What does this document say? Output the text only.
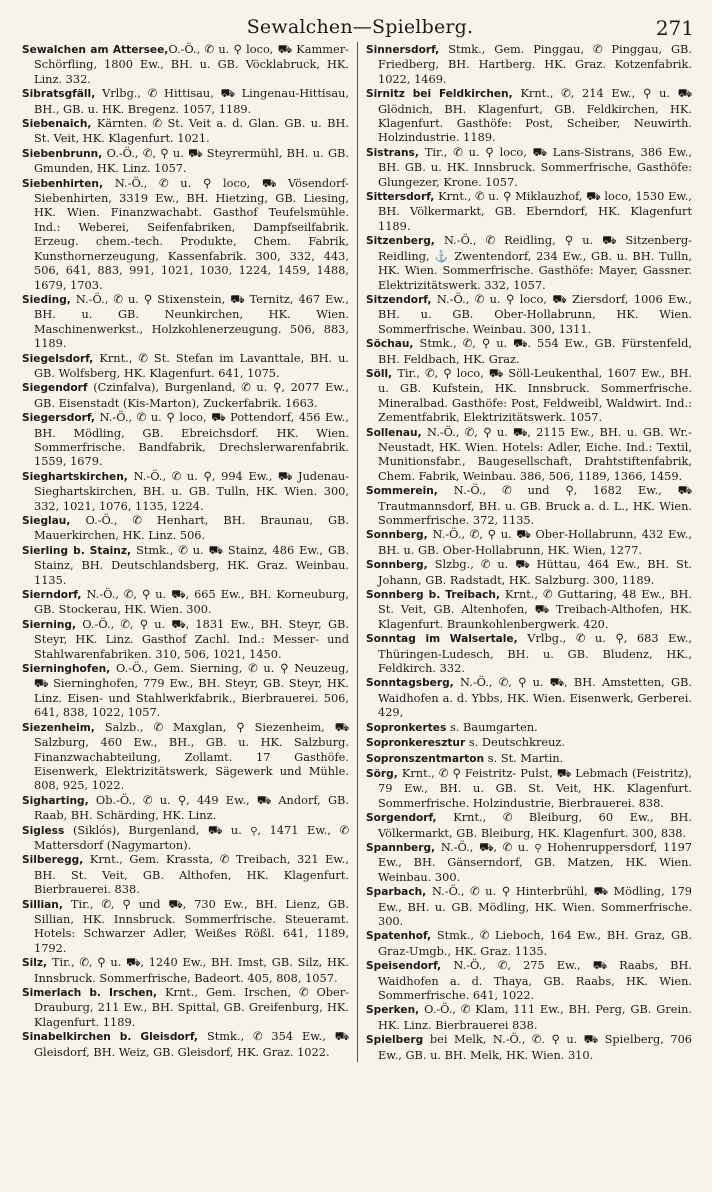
Sewalchen—Spielberg.	271

Sewalchen am Attersee,O.-Ö., ✆ u. ⚲ loco, ⛟ Kammer-Schörfling, 1800 Ew., BH. u. GB. Vöcklabruck, HK. Linz. 332.

Sibratsgfäll, Vrlbg., ✆ Hittisau, ⛟ Lingenau-Hittisau, BH., GB. u. HK. Bregenz. 1057, 1189.

Siebenaich, Kärnten. ✆ St. Veit a. d. Glan. GB. u. BH. St. Veit, HK. Klagenfurt. 1021.

Siebenbrunn, O.-Ö., ✆, ⚲ u. ⛟ Steyrermühl, BH. u. GB. Gmunden, HK. Linz. 1057.

Siebenhirten, N.-Ö., ✆ u. ⚲ loco, ⛟ Vösendorf-Siebenhirten, 3319 Ew., BH. Hietzing, GB. Liesing, HK. Wien. Finanzwachabt. Gasthof Teufelsmühle. Ind.: Weberei, Seifenfabriken, Dampfseilfabrik. Erzeug. chem.-tech. Produkte, Chem. Fabrik, Kunsthornerzeugung, Kassenfabrik. 300, 332, 443, 506, 641, 883, 991, 1021, 1030, 1224, 1459, 1488, 1679, 1703.

Sieding, N.-Ö., ✆ u. ⚲ Stixenstein, ⛟ Ternitz, 467 Ew., BH. u. GB. Neunkirchen, HK. Wien. Maschinenwerkst., Holzkohlenerzeugung. 506, 883, 1189.

Siegelsdorf, Krnt., ✆ St. Stefan im Lavanttale, BH. u. GB. Wolfsberg, HK. Klagenfurt. 641, 1075.

Siegendorf (Czinfalva), Burgenland, ✆ u. ⚲, 2077 Ew., GB. Eisenstadt (Kis-Marton), Zuckerfabrik. 1663.

Siegersdorf, N.-Ö., ✆ u. ⚲ loco, ⛟ Pottendorf, 456 Ew., BH. Mödling, GB. Ebreichsdorf. HK. Wien. Sommerfrische. Bandfabrik, Drechslerwarenfabrik. 1559, 1679.

Sieghartskirchen, N.-Ö., ✆ u. ⚲, 994 Ew., ⛟ Judenau-Sieghartskirchen, BH. u. GB. Tulln, HK. Wien. 300, 332, 1021, 1076, 1135, 1224.

Sieglau, O.-Ö., ✆ Henhart, BH. Braunau, GB. Mauerkirchen, HK. Linz. 506.

Sierling b. Stainz, Stmk., ✆ u. ⛟ Stainz, 486 Ew., GB. Stainz, BH. Deutschlandsberg, HK. Graz. Weinbau. 1135.

Sierndorf, N.-Ö., ✆, ⚲ u. ⛟, 665 Ew., BH. Korneuburg, GB. Stockerau, HK. Wien. 300.

Sierning, O.-Ö., ✆, ⚲ u. ⛟, 1831 Ew., BH. Steyr, GB. Steyr, HK. Linz. Gasthof Zachl. Ind.: Messer- und Stahlwarenfabriken. 310, 506, 1021, 1450.

Sierninghofen, O.-Ö., Gem. Sierning, ✆ u. ⚲ Neuzeug, ⛟ Sierninghofen, 779 Ew., BH. Steyr, GB. Steyr, HK. Linz. Eisen- und Stahlwerkfabrik., Bierbrauerei. 506, 641, 838, 1022, 1057.

Siezenheim, Salzb., ✆ Maxglan, ⚲ Siezenheim, ⛟ Salzburg, 460 Ew., BH., GB. u. HK. Salzburg. Finanzwachabteilung, Zollamt. 17 Gasthöfe. Eisenwerk, Elektrizitätswerk, Sägewerk und Mühle. 808, 925, 1022.

Sigharting, Ob.-Ö., ✆ u. ⚲, 449 Ew., ⛟ Andorf, GB. Raab, BH. Schärding, HK. Linz.

Sigless (Siklós), Burgenland, ⛟ u. ⚲, 1471 Ew., ✆ Mattersdorf (Nagymarton).

Silberegg, Krnt., Gem. Krassta, ✆ Treibach, 321 Ew., BH. St. Veit, GB. Althofen, HK. Klagenfurt. Bierbrauerei. 838.

Sillian, Tir., ✆, ⚲ und ⛟, 730 Ew., BH. Lienz, GB. Sillian, HK. Innsbruck. Sommerfrische. Steueramt. Hotels: Schwarzer Adler, Weißes Rößl. 641, 1189, 1792.

Silz, Tir., ✆, ⚲ u. ⛟, 1240 Ew., BH. Imst, GB. Silz, HK. Innsbruck. Sommerfrische, Badeort. 405, 808, 1057.

Simerlach b. Irschen, Krnt., Gem. Irschen, ✆ Ober-Drauburg, 211 Ew., BH. Spittal, GB. Greifenburg, HK. Klagenfurt. 1189.

Sinabelkirchen b. Gleisdorf, Stmk., ✆ 354 Ew., ⛟ Gleisdorf, BH. Weiz, GB. Gleisdorf, HK. Graz. 1022.

Sinnersdorf, Stmk., Gem. Pinggau, ✆ Pinggau, GB. Friedberg, BH. Hartberg. HK. Graz. Kotzenfabrik. 1022, 1469.

Sirnitz bei Feldkirchen, Krnt., ✆, 214 Ew., ⚲ u. ⛟ Glödnich, BH. Klagenfurt, GB. Feldkirchen, HK. Klagenfurt. Gasthöfe: Post, Scheiber, Neuwirth. Holzindustrie. 1189.

Sistrans, Tir., ✆ u. ⚲ loco, ⛟ Lans-Sistrans, 386 Ew., BH. GB. u. HK. Innsbruck. Sommerfrische, Gasthöfe: Glungezer, Krone. 1057.

Sittersdorf, Krnt., ✆ u. ⚲ Miklauzhof, ⛟ loco, 1530 Ew., BH. Völkermarkt, GB. Eberndorf, HK. Klagenfurt 1189.

Sitzenberg, N.-Ö., ✆ Reidling, ⚲ u. ⛟ Sitzenberg-Reidling, ⚓ Zwentendorf, 234 Ew., GB. u. BH. Tulln, HK. Wien. Sommerfrische. Gasthöfe: Mayer, Gassner. Elektrizitätswerk. 332, 1057.

Sitzendorf, N.-Ö., ✆ u. ⚲ loco, ⛟ Ziersdorf, 1006 Ew., BH. u. GB. Ober-Hollabrunn, HK. Wien. Sommerfrische. Weinbau. 300, 1311.

Söchau, Stmk., ✆, ⚲ u. ⛟. 554 Ew., GB. Fürstenfeld, BH. Feldbach, HK. Graz.

Söll, Tir., ✆, ⚲ loco, ⛟ Söll-Leukenthal, 1607 Ew., BH. u. GB. Kufstein, HK. Innsbruck. Sommerfrische. Mineralbad. Gasthöfe: Post, Feldweibl, Waldwirt. Ind.: Zementfabrik, Elektrizitätswerk. 1057.

Sollenau, N.-Ö., ✆, ⚲ u. ⛟, 2115 Ew., BH. u. GB. Wr.-Neustadt, HK. Wien. Hotels: Adler, Eiche. Ind.: Textil, Munitionsfabr., Baugesellschaft, Drahtstiftenfabrik, Chem. Fabrik, Weinbau. 386, 506, 1189, 1366, 1459.

Sommerein, N.-Ö., ✆ und ⚲, 1682 Ew., ⛟ Trautmannsdorf, BH. u. GB. Bruck a. d. L., HK. Wien. Sommerfrische. 372, 1135.

Sonnberg, N.-Ö., ✆, ⚲ u. ⛟ Ober-Hollabrunn, 432 Ew., BH. u. GB. Ober-Hollabrunn, HK. Wien, 1277.

Sonnberg, Slzbg., ✆ u. ⛟ Hüttau, 464 Ew., BH. St. Johann, GB. Radstadt, HK. Salzburg. 300, 1189.

Sonnberg b. Treibach, Krnt., ✆ Guttaring, 48 Ew., BH. St. Veit, GB. Altenhofen, ⛟ Treibach-Althofen, HK. Klagenfurt. Braunkohlenbergwerk. 420.

Sonntag im Walsertale, Vrlbg., ✆ u. ⚲, 683 Ew., Thüringen-Ludesch, BH. u. GB. Bludenz, HK., Feldkirch. 332.

Sonntagsberg, N.-Ö., ✆, ⚲ u. ⛟, BH. Amstetten, GB. Waidhofen a. d. Ybbs, HK. Wien. Eisenwerk, Gerberei. 429,

Sopronkertes s. Baumgarten.

Sopronkeresztur s. Deutschkreuz.

Sopronszentmarton s. St. Martin.

Sörg, Krnt., ✆ ⚲ Feistritz- Pulst, ⛟ Lebmach (Feistritz), 79 Ew., BH. u. GB. St. Veit, HK. Klagenfurt. Sommerfrische. Holzindustrie, Bierbrauerei. 838.

Sorgendorf, Krnt., ✆ Bleiburg, 60 Ew., BH. Völkermarkt, GB. Bleiburg, HK. Klagenfurt. 300, 838.

Spannberg, N.-Ö., ⛟, ✆ u. ⚲ Hohenruppersdorf, 1197 Ew., BH. Gänserndorf, GB. Matzen, HK. Wien. Weinbau. 300.

Sparbach, N.-Ö., ✆ u. ⚲ Hinterbrühl, ⛟ Mödling, 179 Ew., BH. u. GB. Mödling, HK. Wien. Sommerfrische. 300.

Spatenhof, Stmk., ✆ Lieboch, 164 Ew., BH. Graz, GB. Graz-Umgb., HK. Graz. 1135.

Speisendorf, N.-Ö., ✆, 275 Ew., ⛟ Raabs, BH. Waidhofen a. d. Thaya, GB. Raabs, HK. Wien. Sommerfrische. 641, 1022.

Sperken, O.-Ö., ✆ Klam, 111 Ew., BH. Perg, GB. Grein. HK. Linz. Bierbrauerei 838.

Spielberg bei Melk, N.-Ö., ✆. ⚲ u. ⛟ Spielberg, 706 Ew., GB. u. BH. Melk, HK. Wien. 310.
